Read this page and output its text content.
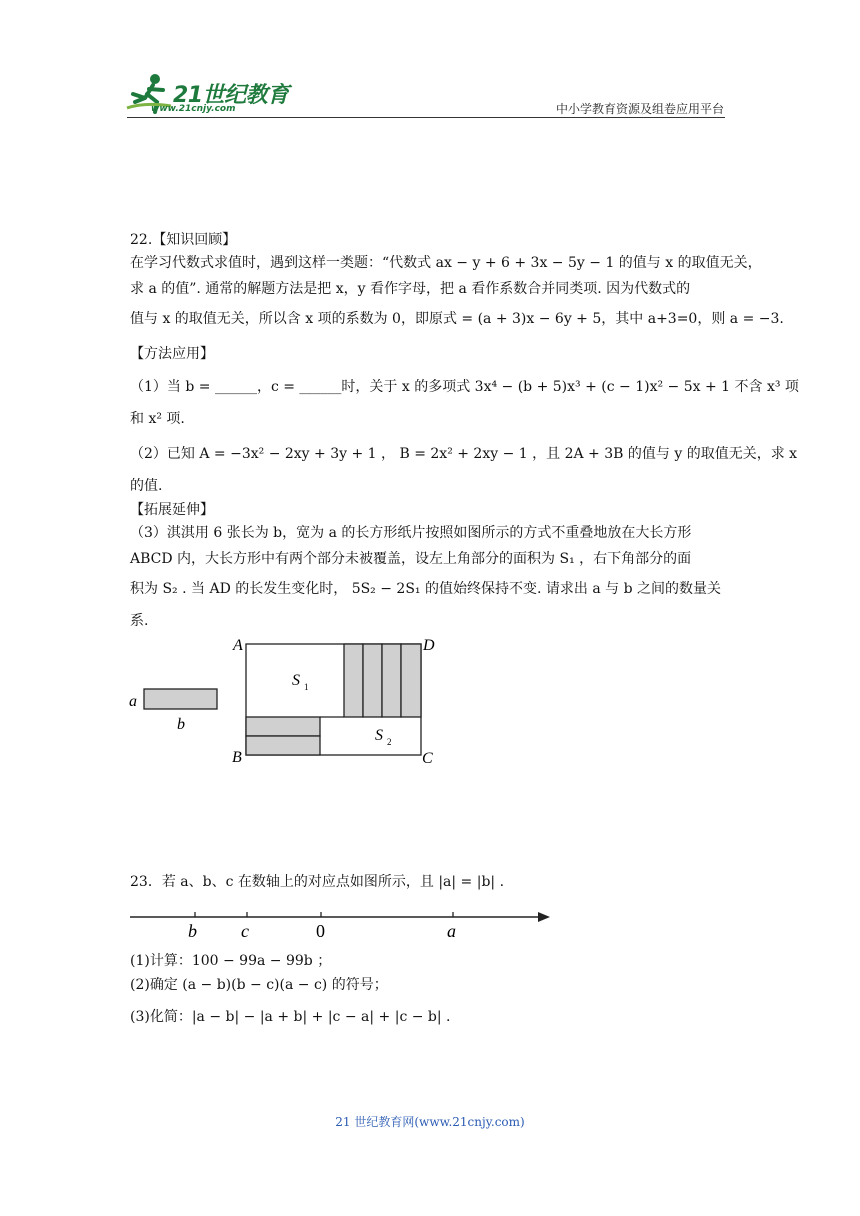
21世纪教育
www.21cnjy.com	中小学教育资源及组卷应用平台
22.【知识回顾】
在学习代数式求值时，遇到这样一类题：“代数式 ax − y + 6 + 3x − 5y − 1 的值与 x 的取值无关，
求 a 的值”. 通常的解题方法是把 x，y 看作字母，把 a 看作系数合并同类项. 因为代数式的
值与 x 的取值无关，所以含 x 项的系数为 0，即原式 = (a + 3)x − 6y + 5，其中 a+3=0，则 a = −3.
【方法应用】
（1）当 b = ______，c = ______时，关于 x 的多项式 3x⁴ − (b + 5)x³ + (c − 1)x² − 5x + 1 不含 x³ 项
和 x² 项.
（2）已知 A = −3x² − 2xy + 3y + 1 ， B = 2x² + 2xy − 1 ，且 2A + 3B 的值与 y 的取值无关，求 x
的值.
【拓展延伸】
（3）淇淇用 6 张长为 b，宽为 a 的长方形纸片按照如图所示的方式不重叠地放在大长方形
ABCD 内，大长方形中有两个部分未被覆盖，设左上角部分的面积为 S₁ ，右下角部分的面
积为 S₂ . 当 AD 的长发生变化时， 5S₂ − 2S₁ 的值始终保持不变. 请求出 a 与 b 之间的数量关
系.
a
b
A	D
B	C
S 1
S 2
23．若 a、b、c 在数轴上的对应点如图所示，且 |a| = |b| .
b c	0	a
(1)计算：100 − 99a − 99b ；
(2)确定 (a − b)(b − c)(a − c) 的符号；
(3)化简：|a − b| − |a + b| + |c − a| + |c − b| .
21 世纪教育网(www.21cnjy.com)
